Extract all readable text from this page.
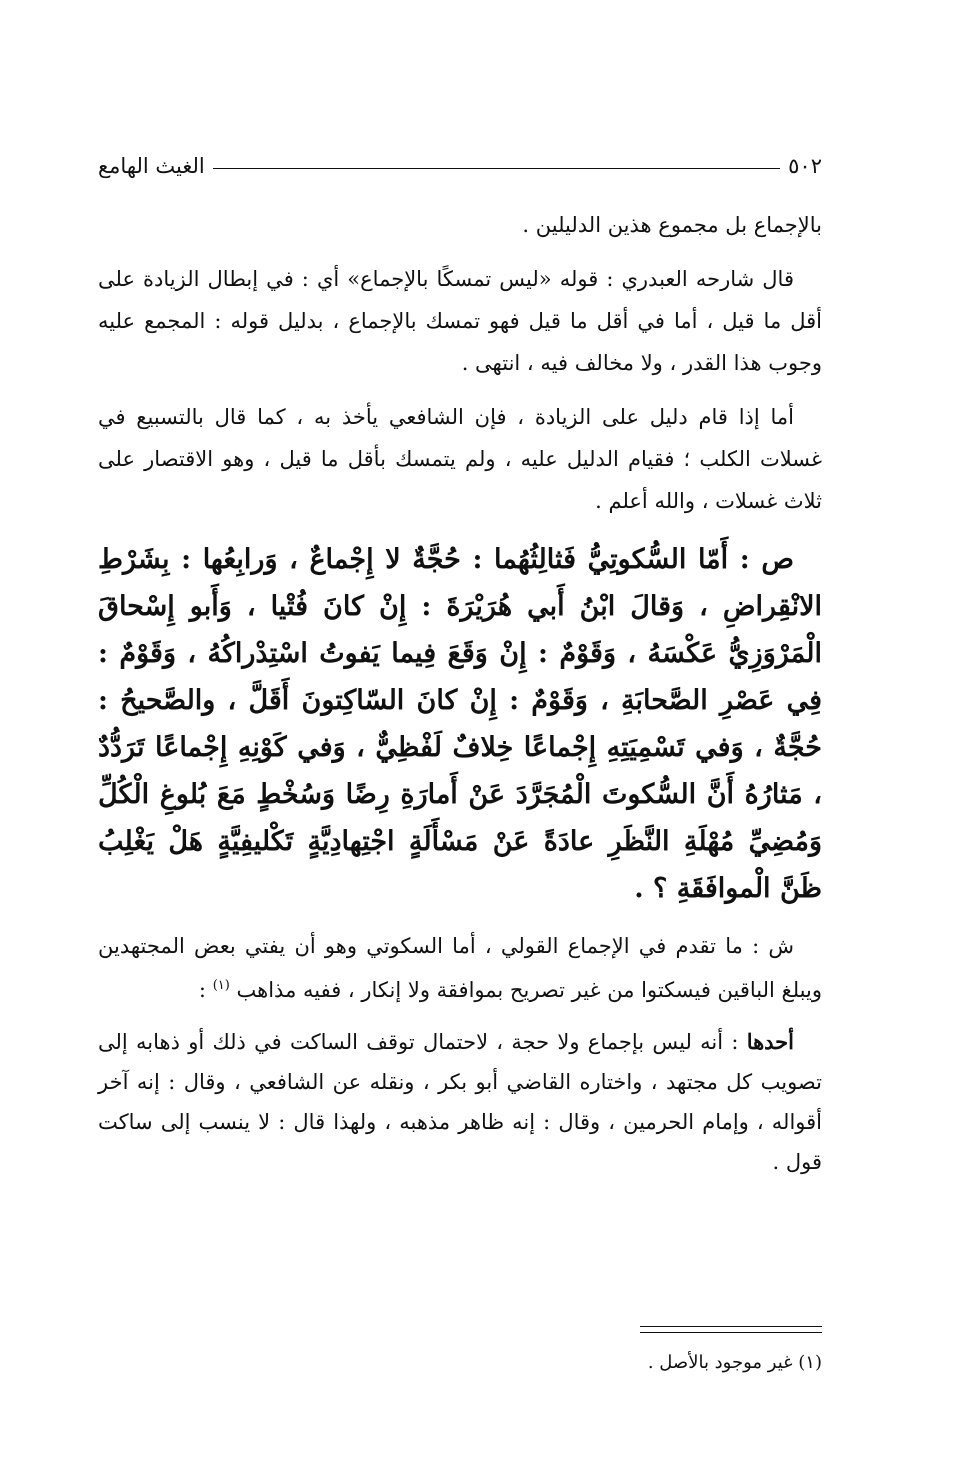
٥٠٢
الغيث الهامع

بالإجماع بل مجموع هذين الدليلين .

قال شارحه العبدري : قوله «ليس تمسكًا بالإجماع» أي : في إبطال الزيادة على أقل ما قيل ، أما في أقل ما قيل فهو تمسك بالإجماع ، بدليل قوله : المجمع عليه وجوب هذا القدر ، ولا مخالف فيه ، انتهى .

أما إذا قام دليل على الزيادة ، فإن الشافعي يأخذ به ، كما قال بالتسبيع في غسلات الكلب ؛ فقيام الدليل عليه ، ولم يتمسك بأقل ما قيل ، وهو الاقتصار على ثلاث غسلات ، والله أعلم .

ص : أَمّا السُّكوتِيُّ فَثالِثُهُما : حُجَّةٌ لا إِجْماعٌ ، وَرابِعُها : بِشَرْطِ الانْقِراضِ ، وَقالَ ابْنُ أَبي هُرَيْرَةَ : إِنْ كانَ فُتْيا ، وَأَبو إِسْحاقَ الْمَرْوَزِيُّ عَكْسَهُ ، وَقَوْمٌ : إِنْ وَقَعَ فِيما يَفوتُ اسْتِدْراكُهُ ، وَقَوْمٌ : فِي عَصْرِ الصَّحابَةِ ، وَقَوْمٌ : إِنْ كانَ السّاكِتونَ أَقَلَّ ، والصَّحيحُ : حُجَّةٌ ، وَفي تَسْمِيَتِهِ إِجْماعًا خِلافٌ لَفْظِيٌّ ، وَفي كَوْنِهِ إِجْماعًا تَرَدُّدٌ ، مَثارُهُ أَنَّ السُّكوتَ الْمُجَرَّدَ عَنْ أَمارَةِ رِضًا وَسُخْطٍ مَعَ بُلوغِ الْكُلِّ وَمُضِيِّ مُهْلَةِ النَّظَرِ عادَةً عَنْ مَسْأَلَةٍ اجْتِهادِيَّةٍ تَكْليفِيَّةٍ هَلْ يَغْلِبُ ظَنَّ الْموافَقَةِ ؟ .

ش : ما تقدم في الإجماع القولي ، أما السكوتي وهو أن يفتي بعض المجتهدين ويبلغ الباقين فيسكتوا من غير تصريح بموافقة ولا إنكار ، ففيه مذاهب $^{(١)}$ :

أحدها : أنه ليس بإجماع ولا حجة ، لاحتمال توقف الساكت في ذلك أو ذهابه إلى تصويب كل مجتهد ، واختاره القاضي أبو بكر ، ونقله عن الشافعي ، وقال : إنه آخر أقواله ، وإمام الحرمين ، وقال : إنه ظاهر مذهبه ، ولهذا قال : لا ينسب إلى ساكت قول .

(١) غير موجود بالأصل .
